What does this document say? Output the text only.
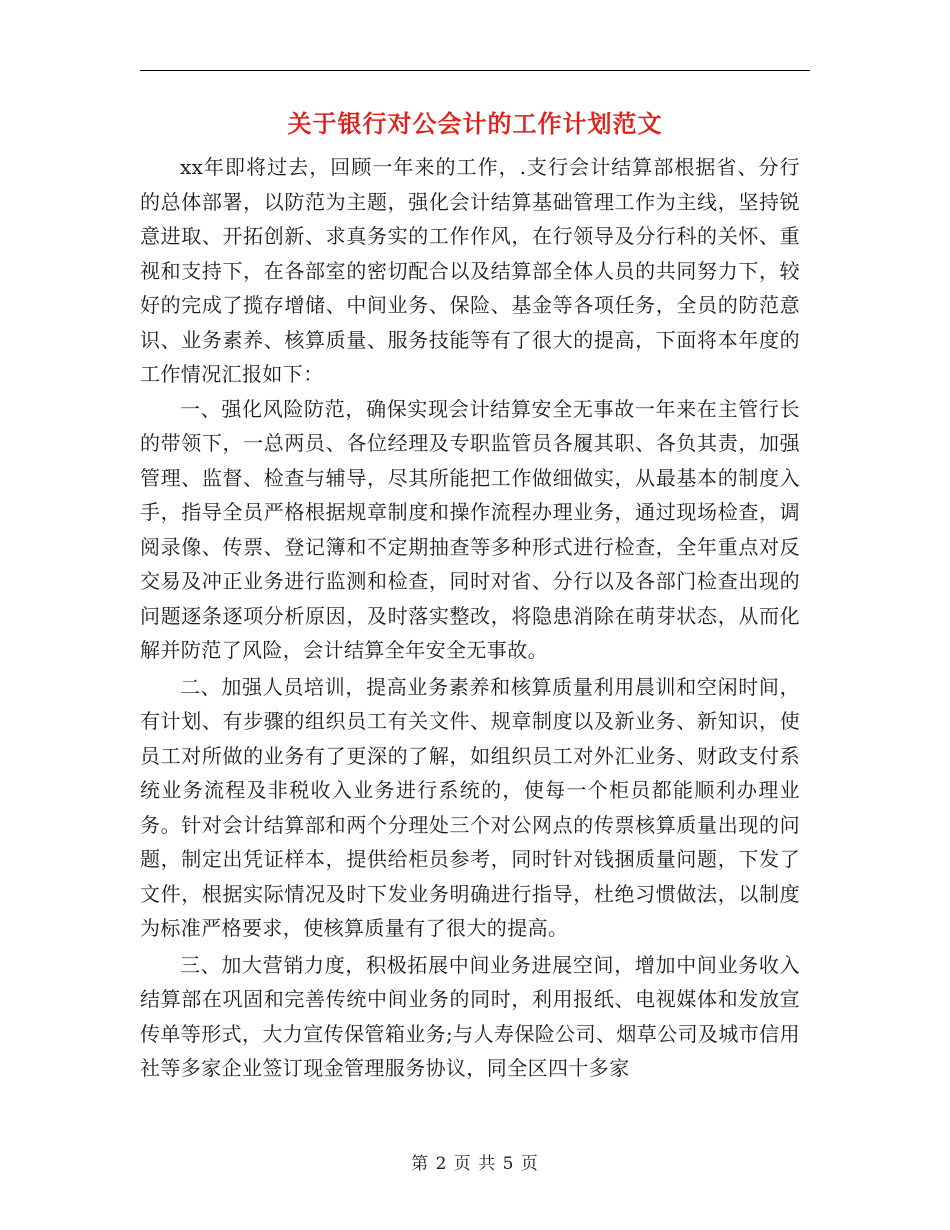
关于银行对公会计的工作计划范文

xx年即将过去，回顾一年来的工作，.支行会计结算部根据省、分行的总体部署，以防范为主题，强化会计结算基础管理工作为主线，坚持锐意进取、开拓创新、求真务实的工作作风，在行领导及分行科的关怀、重视和支持下，在各部室的密切配合以及结算部全体人员的共同努力下，较好的完成了揽存增储、中间业务、保险、基金等各项任务，全员的防范意识、业务素养、核算质量、服务技能等有了很大的提高，下面将本年度的工作情况汇报如下：

一、强化风险防范，确保实现会计结算安全无事故一年来在主管行长的带领下，一总两员、各位经理及专职监管员各履其职、各负其责，加强管理、监督、检查与辅导，尽其所能把工作做细做实，从最基本的制度入手，指导全员严格根据规章制度和操作流程办理业务，通过现场检查，调阅录像、传票、登记簿和不定期抽查等多种形式进行检查，全年重点对反交易及冲正业务进行监测和检查，同时对省、分行以及各部门检查出现的问题逐条逐项分析原因，及时落实整改，将隐患消除在萌芽状态，从而化解并防范了风险，会计结算全年安全无事故。

二、加强人员培训，提高业务素养和核算质量利用晨训和空闲时间，有计划、有步骤的组织员工有关文件、规章制度以及新业务、新知识，使员工对所做的业务有了更深的了解，如组织员工对外汇业务、财政支付系统业务流程及非税收入业务进行系统的，使每一个柜员都能顺利办理业务。针对会计结算部和两个分理处三个对公网点的传票核算质量出现的问题，制定出凭证样本，提供给柜员参考，同时针对钱捆质量问题，下发了文件，根据实际情况及时下发业务明确进行指导，杜绝习惯做法，以制度为标准严格要求，使核算质量有了很大的提高。

三、加大营销力度，积极拓展中间业务进展空间，增加中间业务收入结算部在巩固和完善传统中间业务的同时，利用报纸、电视媒体和发放宣传单等形式，大力宣传保管箱业务;与人寿保险公司、烟草公司及城市信用社等多家企业签订现金管理服务协议，同全区四十多家

第 2 页 共 5 页
